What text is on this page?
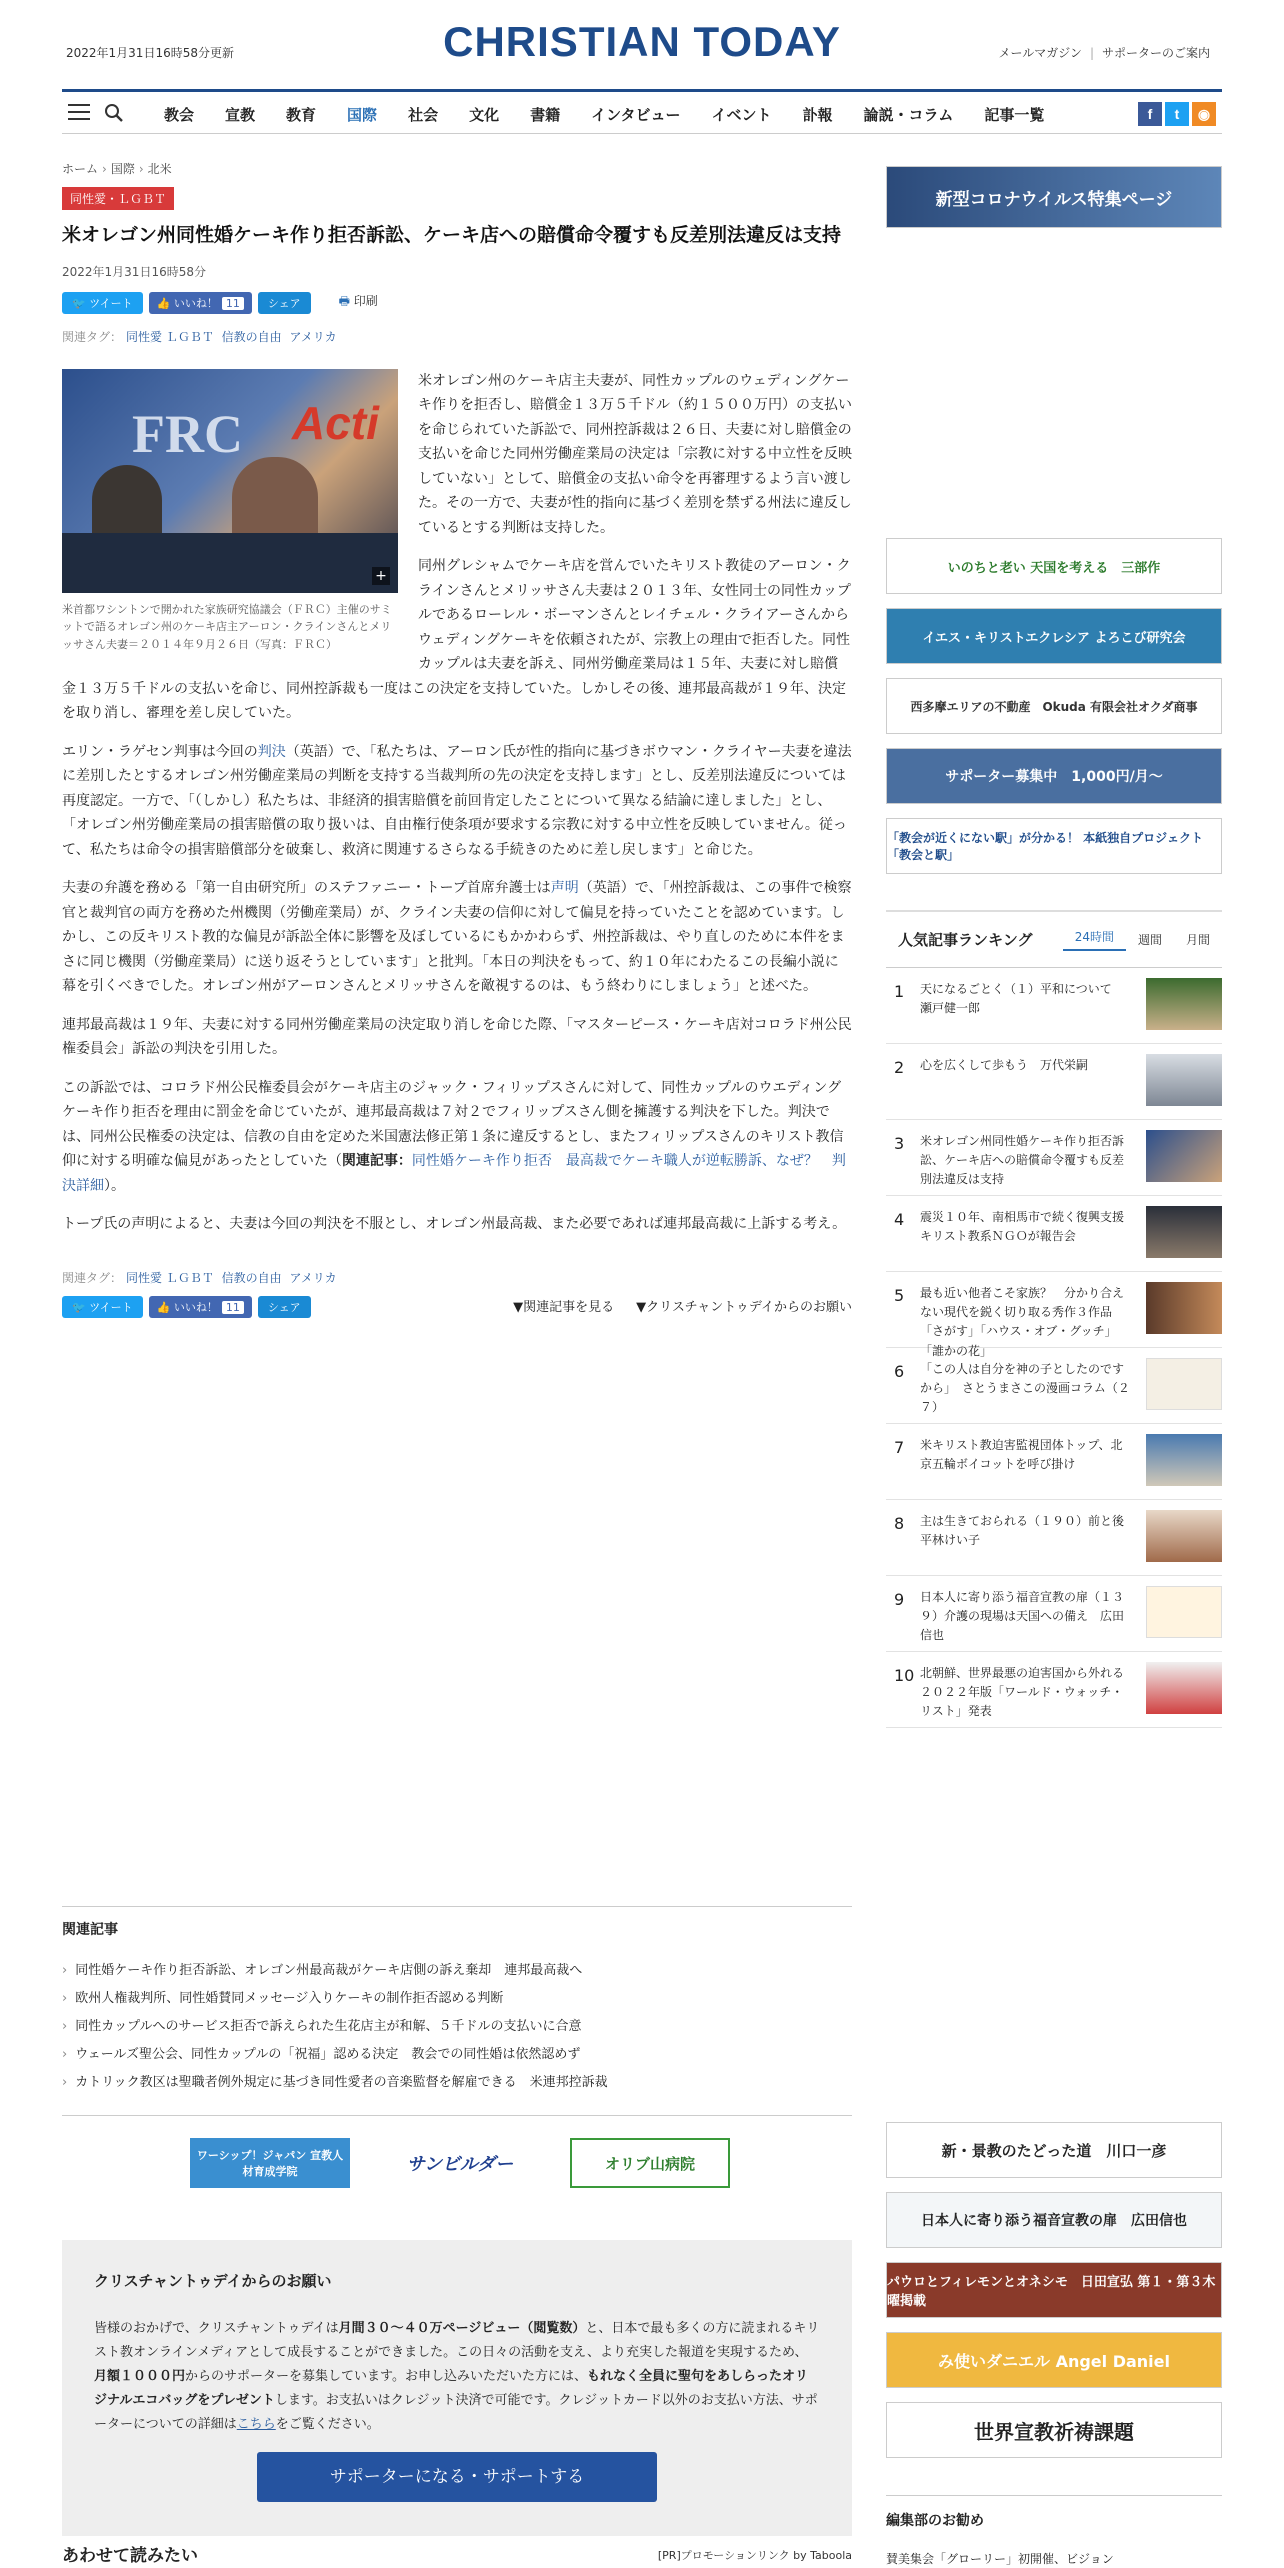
2022年1月31日16時58分更新	CHRISTIAN TODAY	メールマガジン | サポーターのご案内
教会 宣教 教育 国際 社会 文化 書籍 インタビュー イベント 訃報 論説・コラム 記事一覧	f	t	◉
ホーム › 国際 › 北米
同性愛・ＬＧＢＴ
米オレゴン州同性婚ケーキ作り拒否訴訟、ケーキ店への賠償命令覆すも反差別法違反は支持
2022年1月31日16時58分
🐦 ツイート	👍 いいね！ 11	シェア	🖶 印刷
関連タグ： 同性愛 ＬＧＢＴ 信教の自由 アメリカ
FRC Acti
+
米首都ワシントンで開かれた家族研究協議会（ＦＲＣ）主催のサミットで語るオレゴン州のケーキ店主アーロン・クラインさんとメリッサさん夫妻＝２０１４年９月２６日（写真：ＦＲＣ）

米オレゴン州のケーキ店主夫妻が、同性カップルのウェディングケーキ作りを拒否し、賠償金１３万５千ドル（約１５００万円）の支払いを命じられていた訴訟で、同州控訴裁は２６日、夫妻に対し賠償金の支払いを命じた同州労働産業局の決定は「宗教に対する中立性を反映していない」として、賠償金の支払い命令を再審理するよう言い渡した。その一方で、夫妻が性的指向に基づく差別を禁ずる州法に違反しているとする判断は支持した。

同州グレシャムでケーキ店を営んでいたキリスト教徒のアーロン・クラインさんとメリッサさん夫妻は２０１３年、女性同士の同性カップルであるローレル・ボーマンさんとレイチェル・クライアーさんからウェディングケーキを依頼されたが、宗教上の理由で拒否した。同性カップルは夫妻を訴え、同州労働産業局は１５年、夫妻に対し賠償金１３万５千ドルの支払いを命じ、同州控訴裁も一度はこの決定を支持していた。しかしその後、連邦最高裁が１９年、決定を取り消し、審理を差し戻していた。

エリン・ラゲセン判事は今回の判決（英語）で、「私たちは、アーロン氏が性的指向に基づきボウマン・クライヤー夫妻を違法に差別したとするオレゴン州労働産業局の判断を支持する当裁判所の先の決定を支持します」とし、反差別法違反については再度認定。一方で、「（しかし）私たちは、非経済的損害賠償を前回肯定したことについて異なる結論に達しました」とし、「オレゴン州労働産業局の損害賠償の取り扱いは、自由権行使条項が要求する宗教に対する中立性を反映していません。従って、私たちは命令の損害賠償部分を破棄し、救済に関連するさらなる手続きのために差し戻します」と命じた。

夫妻の弁護を務める「第一自由研究所」のステファニー・トープ首席弁護士は声明（英語）で、「州控訴裁は、この事件で検察官と裁判官の両方を務めた州機関（労働産業局）が、クライン夫妻の信仰に対して偏見を持っていたことを認めています。しかし、この反キリスト教的な偏見が訴訟全体に影響を及ぼしているにもかかわらず、州控訴裁は、やり直しのために本件をまさに同じ機関（労働産業局）に送り返そうとしています」と批判。「本日の判決をもって、約１０年にわたるこの長編小説に幕を引くべきでした。オレゴン州がアーロンさんとメリッサさんを敵視するのは、もう終わりにしましょう」と述べた。

連邦最高裁は１９年、夫妻に対する同州労働産業局の決定取り消しを命じた際、「マスターピース・ケーキ店対コロラド州公民権委員会」訴訟の判決を引用した。

この訴訟では、コロラド州公民権委員会がケーキ店主のジャック・フィリップスさんに対して、同性カップルのウエディングケーキ作り拒否を理由に罰金を命じていたが、連邦最高裁は７対２でフィリップスさん側を擁護する判決を下した。判決では、同州公民権委の決定は、信教の自由を定めた米国憲法修正第１条に違反するとし、またフィリップスさんのキリスト教信仰に対する明確な偏見があったとしていた（関連記事：同性婚ケーキ作り拒否　最高裁でケーキ職人が逆転勝訴、なぜ？　判決詳細）。

トープ氏の声明によると、夫妻は今回の判決を不服とし、オレゴン州最高裁、また必要であれば連邦最高裁に上訴する考え。

関連タグ： 同性愛 ＬＧＢＴ 信教の自由 アメリカ
🐦 ツイート	👍 いいね！ 11	シェア	▼関連記事を見る ▼クリスチャントゥデイからのお願い
関連記事
› 同性婚ケーキ作り拒否訴訟、オレゴン州最高裁がケーキ店側の訴え棄却　連邦最高裁へ
› 欧州人権裁判所、同性婚賛同メッセージ入りケーキの制作拒否認める判断
› 同性カップルへのサービス拒否で訴えられた生花店主が和解、５千ドルの支払いに合意
› ウェールズ聖公会、同性カップルの「祝福」認める決定　教会での同性婚は依然認めず
› カトリック教区は聖職者例外規定に基づき同性愛者の音楽監督を解雇できる　米連邦控訴裁
ワーシップ！ジャパン 宣教人材育成学院	サンビルダー	オリブ山病院
クリスチャントゥデイからのお願い

皆様のおかげで、クリスチャントゥデイは月間３０～４０万ページビュー（閲覧数）と、日本で最も多くの方に読まれるキリスト教オンラインメディアとして成長することができました。この日々の活動を支え、より充実した報道を実現するため、月額１０００円からのサポーターを募集しています。お申し込みいただいた方には、もれなく全員に聖句をあしらったオリジナルエコバッグをプレゼントします。お支払いはクレジット決済で可能です。クレジットカード以外のお支払い方法、サポーターについての詳細はこちらをご覧ください。

サポーターになる・サポートする
あわせて読みたい	[PR]プロモーションリンク by Taboola
新型コロナウイルス特集ページ
いのちと老い 天国を考える　三部作
イエス・キリストエクレシア よろこび研究会
西多摩エリアの不動産　Okuda 有限会社オクダ商事
サポーター募集中　1,000円/月～
「教会が近くにない駅」が分かる！ 本紙独自プロジェクト「教会と駅」
人気記事ランキング	24時間	週間	月間
1 天になるごとく（１）平和について　瀬戸健一郎
2 心を広くして歩もう　万代栄嗣
3 米オレゴン州同性婚ケーキ作り拒否訴訟、ケーキ店への賠償命令覆すも反差別法違反は支持
4 震災１０年、南相馬市で続く復興支援　キリスト教系ＮＧＯが報告会
5 最も近い他者こそ家族？　分かり合えない現代を鋭く切り取る秀作３作品　「さがす」「ハウス・オブ・グッチ」「誰かの花」
6 「この人は自分を神の子としたのですから」　さとうまさこの漫画コラム（２７）
7 米キリスト教迫害監視団体トップ、北京五輪ボイコットを呼び掛け
8 主は生きておられる（１９０）前と後　平林けい子
9 日本人に寄り添う福音宣教の扉（１３９）介護の現場は天国への備え　広田信也
10 北朝鮮、世界最悪の迫害国から外れる　２０２２年版「ワールド・ウォッチ・リスト」発表
新・景教のたどった道　川口一彦
日本人に寄り添う福音宣教の扉　広田信也
パウロとフィレモンとオネシモ　日田宣弘 第１・第３木曜掲載
み使いダニエル Angel Daniel
世界宣教祈祷課題
編集部のお勧め
賛美集会「グローリー」初開催、ビジョン
